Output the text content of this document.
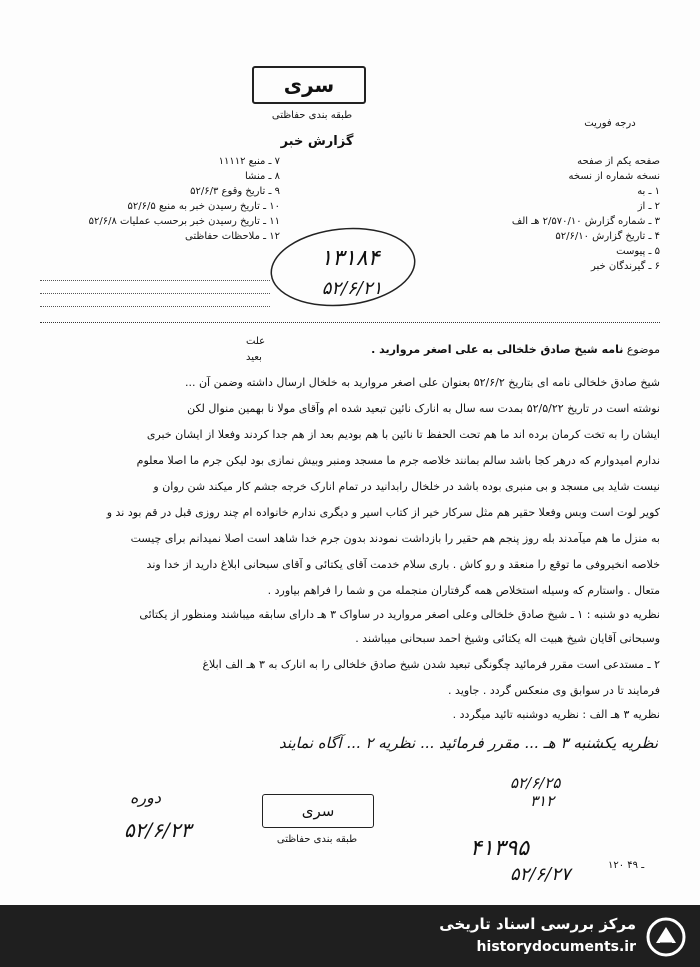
سری
طبقه بندی حفاظتی
درجه فوریت
گزارش خبر
صفحه یکم از صفحه
نسخه شماره از نسخه
۱ ـ به
۲ ـ از
۳ ـ شماره گزارش ۲/۵۷۰/۱۰ هـ الف
۴ ـ تاریخ گزارش ۵۲/۶/۱۰
۵ ـ پیوست
۶ ـ گیرندگان خبر
۷ ـ منبع ۱۱۱۱۲
۸ ـ منشا
۹ ـ تاریخ وقوع ۵۲/۶/۳
۱۰ ـ تاریخ رسیدن خبر به منبع ۵۲/۶/۵
۱۱ ـ تاریخ رسیدن خبر برحسب عملیات ۵۲/۶/۸
۱۲ ـ ملاحظات حفاظتی
۱۳۱۸۴
۵۲/۶/۲۱
علت
بعید
موضوع نامه شیخ صادق خلخالی به علی اصغر مروارید .
شیخ صادق خلخالی نامه ای بتاریخ ۵۲/۶/۲ بعنوان علی اصغر مروارید به خلخال ارسال داشته وضمن آن ...
نوشته است در تاریخ ۵۲/۵/۲۲ بمدت سه سال به انارک نائین تبعید شده ام وآقای مولا نا بهمین منوال لکن
ایشان را به تخت کرمان برده اند ما هم تحت الحفظ تا نائین با هم بودیم بعد از هم جدا کردند وفعلا از ایشان خبری
ندارم امیدوارم که درهر کجا باشد سالم بمانند خلاصه جرم ما مسجد ومنبر وبیش نمازی بود لیکن جرم ما اصلا معلوم
نیست شاید بی مسجد و بی منبری بوده باشد در خلخال رابدانید در تمام انارک خرجه جشم کار میکند شن روان و
کویر لوت است وبس وفعلا حقیر هم مثل سرکار خیر از کتاب اسیر و دیگری ندارم خانواده ام چند روزی قبل در قم بود ند و
به منزل ما هم میآمدند بله روز پنجم هم حقیر را بازداشت نمودند بدون جرم خدا شاهد است اصلا نمیدانم برای چیست
خلاصه انخیروفی ما توقع را منعقد و رو کاش . باری سلام خدمت آقای یکتائی و آقای سبحانی ابلاغ دارید از خدا وند
متعال . واستارم که وسیله استخلاص همه گرفتاران منجمله من و شما را فراهم بیاورد .
نظریه دو شنبه : ۱ ـ شیخ صادق خلخالی وعلی اصغر مروارید در ساواک ۳ هـ دارای سابقه میباشند ومنظور از یکتائی
وسبحانی آقایان شیخ هبیت اله یکتائی وشیخ احمد سبحانی میباشند .
۲ ـ مستدعی است مقرر فرمائید چگونگی تبعید شدن شیخ صادق خلخالی را به انارک به ۳ هـ الف ابلاغ
فرمایند تا در سوابق وی منعکس گردد . جاوید .
نظریه ۳ هـ الف : نظریه دوشنبه تائید میگردد .
نظریه یکشنبه ۳ هـ ... مقرر فرمائید ... نظریه ۲ ... آگاه نمایند
دوره
۵۲/۶/۲۳
سری
طبقه بندی حفاظتی
۵۲/۶/۲۵
۳۱۲
۴۱۳۹۵
۵۲/۶/۲۷	۱۲۰ ـ ۴۹
مرکز بررسی اسناد تاریخی
historydocuments.ir
